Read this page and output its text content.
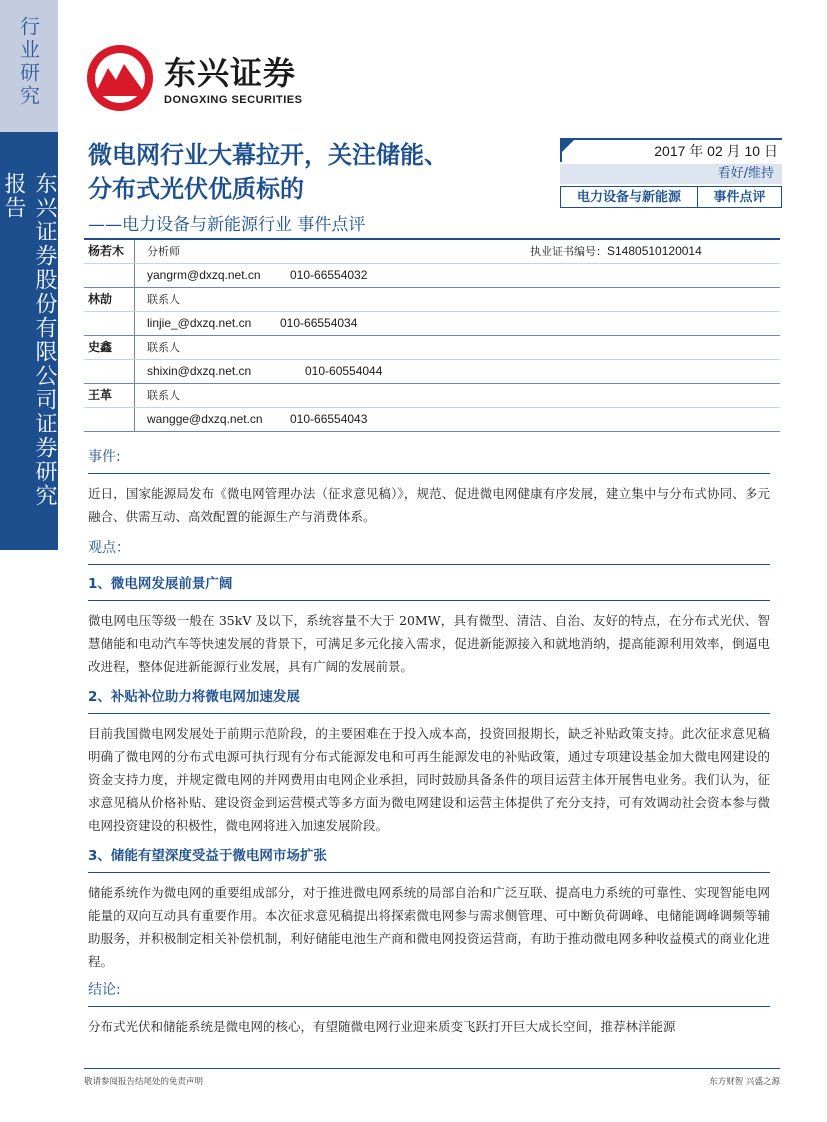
行业研究
东兴证券股份有限公司证券研究报告
东兴证券
DONGXING SECURITIES
微电网行业大幕拉开，关注储能、
分布式光伏优质标的
——电力设备与新能源行业 事件点评
2017 年 02 月 10 日
看好/维持
电力设备与新能源	事件点评
杨若木	分析师	执业证书编号：S1480510120014
yangrm@dxzq.net.cn 010-66554032
林劼	联系人
linjie_@dxzq.net.cn 010-66554034
史鑫	联系人
shixin@dxzq.net.cn	010-60554044
王革	联系人
wangge@dxzq.net.cn 010-66554043
事件:

近日，国家能源局发布《微电网管理办法（征求意见稿）》，规范、促进微电网健康有序发展，建立集中与分布式协同、多元融合、供需互动、高效配置的能源生产与消费体系。

观点：
1、微电网发展前景广阔

微电网电压等级一般在 35kV 及以下，系统容量不大于 20MW，具有微型、清洁、自治、友好的特点，在分布式光伏、智慧储能和电动汽车等快速发展的背景下，可满足多元化接入需求，促进新能源接入和就地消纳，提高能源利用效率，倒逼电改进程，整体促进新能源行业发展，具有广阔的发展前景。

2、补贴补位助力将微电网加速发展

目前我国微电网发展处于前期示范阶段，的主要困难在于投入成本高，投资回报期长，缺乏补贴政策支持。此次征求意见稿明确了微电网的分布式电源可执行现有分布式能源发电和可再生能源发电的补贴政策，通过专项建设基金加大微电网建设的资金支持力度，并规定微电网的并网费用由电网企业承担，同时鼓励具备条件的项目运营主体开展售电业务。我们认为，征求意见稿从价格补贴、建设资金到运营模式等多方面为微电网建设和运营主体提供了充分支持，可有效调动社会资本参与微电网投资建设的积极性，微电网将进入加速发展阶段。

3、储能有望深度受益于微电网市场扩张

储能系统作为微电网的重要组成部分，对于推进微电网系统的局部自治和广泛互联、提高电力系统的可靠性、实现智能电网能量的双向互动具有重要作用。本次征求意见稿提出将探索微电网参与需求侧管理、可中断负荷调峰、电储能调峰调频等辅助服务，并积极制定相关补偿机制，利好储能电池生产商和微电网投资运营商，有助于推动微电网多种收益模式的商业化进程。

结论:

分布式光伏和储能系统是微电网的核心，有望随微电网行业迎来质变飞跃打开巨大成长空间，推荐林洋能源

敬请参阅报告结尾处的免责声明	东方财智 兴盛之源
